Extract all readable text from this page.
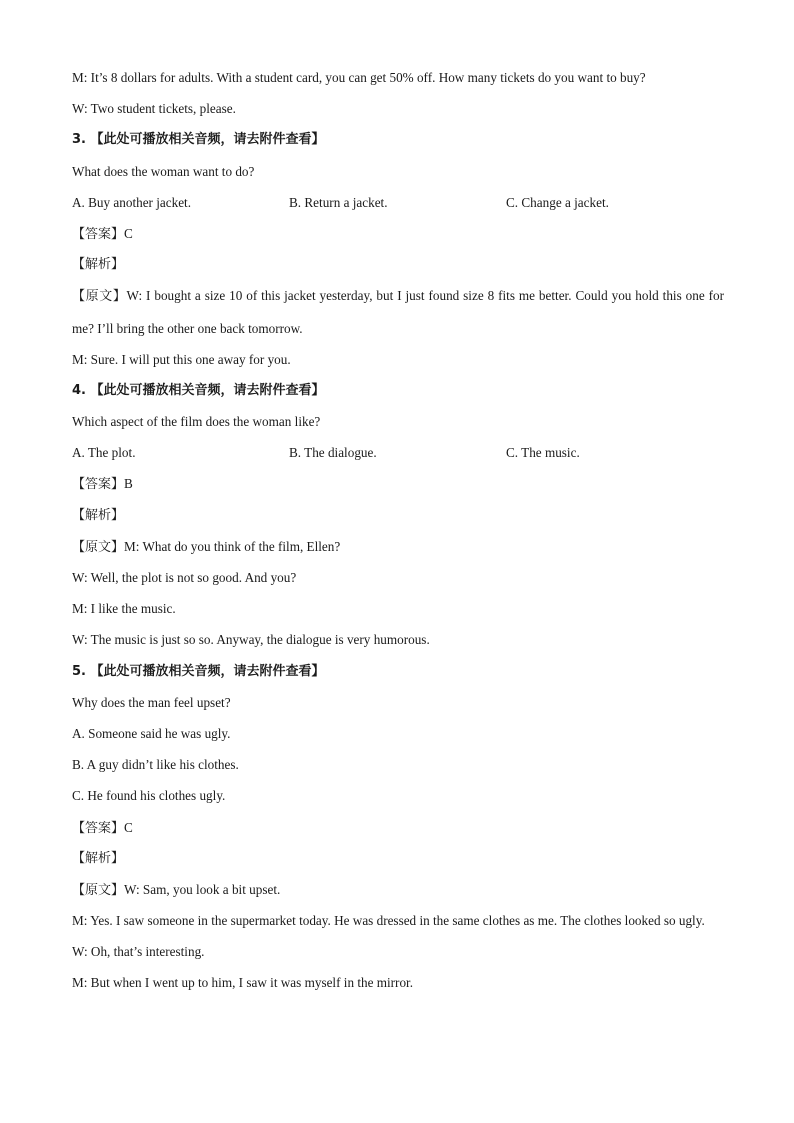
M: It’s 8 dollars for adults. With a student card, you can get 50% off. How many tickets do you want to buy?
W: Two student tickets, please.
3. 【此处可播放相关音频，请去附件查看】
What does the woman want to do?
A. Buy another jacket.	B. Return a jacket.	C. Change a jacket.
【答案】C
【解析】
【原文】W: I bought a size 10 of this jacket yesterday, but I just found size 8 fits me better. Could you hold this one for me? I’ll bring the other one back tomorrow.
M: Sure. I will put this one away for you.
4. 【此处可播放相关音频，请去附件查看】
Which aspect of the film does the woman like?
A. The plot.	B. The dialogue.	C. The music.
【答案】B
【解析】
【原文】M: What do you think of the film, Ellen?
W: Well, the plot is not so good. And you?
M: I like the music.
W: The music is just so so. Anyway, the dialogue is very humorous.
5. 【此处可播放相关音频，请去附件查看】
Why does the man feel upset?
A. Someone said he was ugly.
B. A guy didn’t like his clothes.
C. He found his clothes ugly.
【答案】C
【解析】
【原文】W: Sam, you look a bit upset.
M: Yes. I saw someone in the supermarket today. He was dressed in the same clothes as me. The clothes looked so ugly.
W: Oh, that’s interesting.
M: But when I went up to him, I saw it was myself in the mirror.
